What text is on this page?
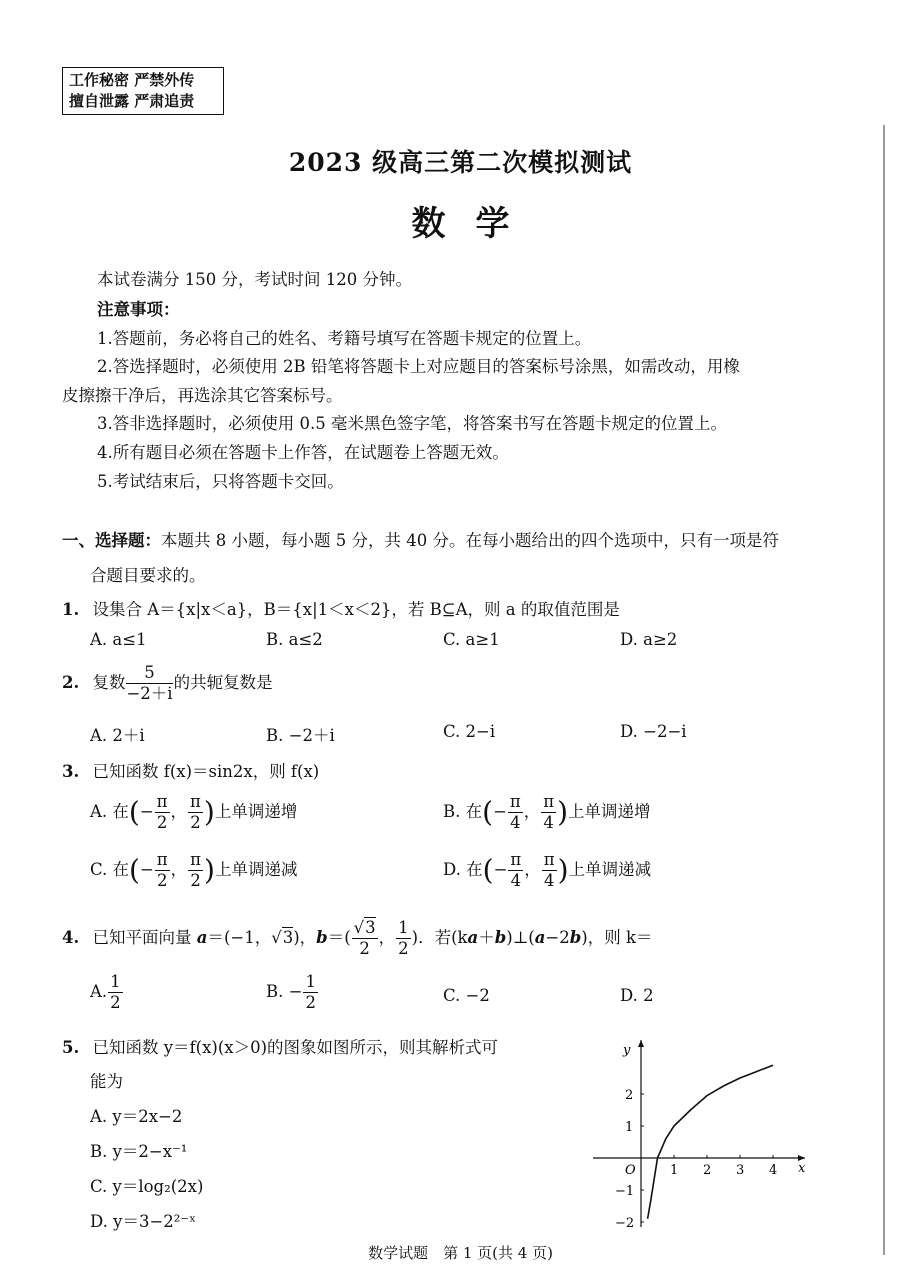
工作秘密 严禁外传
擅自泄露 严肃追责
2023 级高三第二次模拟测试
数学
本试卷满分 150 分，考试时间 120 分钟。
注意事项：
1.答题前，务必将自己的姓名、考籍号填写在答题卡规定的位置上。
2.答选择题时，必须使用 2B 铅笔将答题卡上对应题目的答案标号涂黑，如需改动，用橡
皮擦擦干净后，再选涂其它答案标号。
3.答非选择题时，必须使用 0.5 毫米黑色签字笔，将答案书写在答题卡规定的位置上。
4.所有题目必须在答题卡上作答，在试题卷上答题无效。
5.考试结束后，只将答题卡交回。
一、选择题：本题共 8 小题，每小题 5 分，共 40 分。在每小题给出的四个选项中，只有一项是符
合题目要求的。
1. 设集合 A＝{x|x＜a}，B＝{x|1＜x＜2}，若 B⊆A，则 a 的取值范围是
A. a≤1	B. a≤2	C. a≥1	D. a≥2
2. 复数 $\frac{5}{-2+i}$ 的共轭复数是
A. 2＋i	B. −2＋i	C. 2−i	D. −2−i
3. 已知函数 f(x)＝sin2x，则 f(x)
A. 在(− $\frac{\pi}{2}$ ， $\frac{\pi}{2}$ )上单调递增	B. 在(− $\frac{\pi}{4}$ ， $\frac{\pi}{4}$ )上单调递增
C. 在(− $\frac{\pi}{2}$ ， $\frac{\pi}{2}$ )上单调递减	D. 在(− $\frac{\pi}{4}$ ， $\frac{\pi}{4}$ )上单调递减
4. 已知平面向量 a＝(−1，√3)，$b=( \frac{√3}{2}$ ， $\frac{1}{2}$ )．若(ka＋b)⊥(a−2b)，则 k＝
A. $\frac{1}{2}$	B. − $\frac{1}{2}$	C. −2	D. 2
5. 已知函数 y＝f(x)(x＞0)的图象如图所示，则其解析式可
能为
A. y＝2x−2
B. y＝2−x⁻¹
C. y＝log₂(2x)
D. y＝3−2²⁻ˣ
1 2 3 4
2
1
−1
−2
y
x
O
数学试题　第 1 页(共 4 页)
